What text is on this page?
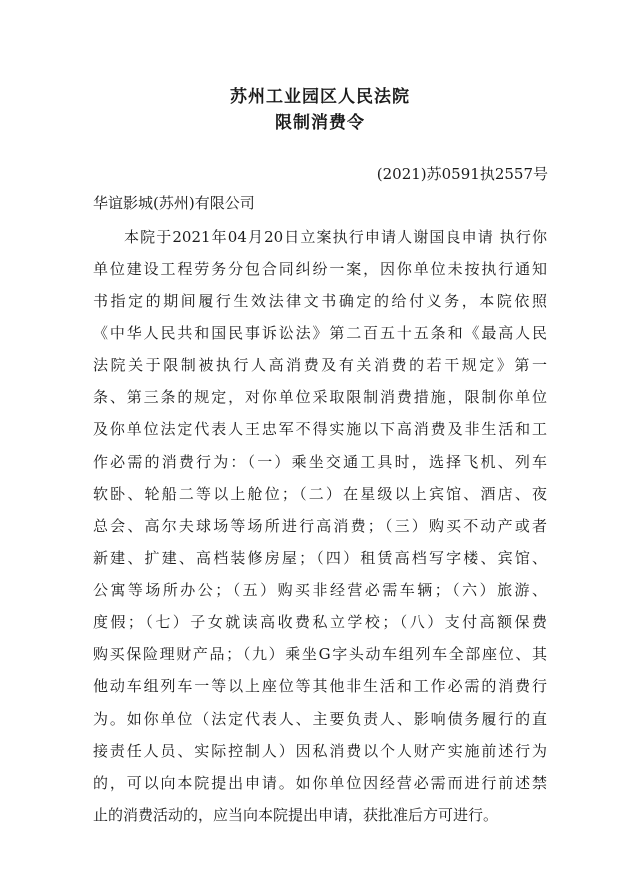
苏州工业园区人民法院
限制消费令
(2021)苏0591执2557号
华谊影城(苏州)有限公司
本院于2021年04月20日立案执行申请人谢国良申请 执行你
单位建设工程劳务分包合同纠纷一案，因你单位未按执行通知
书指定的期间履行生效法律文书确定的给付义务，本院依照
《中华人民共和国民事诉讼法》第二百五十五条和《最高人民
法院关于限制被执行人高消费及有关消费的若干规定》第一
条、第三条的规定，对你单位采取限制消费措施，限制你单位
及你单位法定代表人王忠军不得实施以下高消费及非生活和工
作必需的消费行为：（一）乘坐交通工具时，选择飞机、列车
软卧、轮船二等以上舱位；（二）在星级以上宾馆、酒店、夜
总会、高尔夫球场等场所进行高消费；（三）购买不动产或者
新建、扩建、高档装修房屋；（四）租赁高档写字楼、宾馆、
公寓等场所办公；（五）购买非经营必需车辆；（六）旅游、
度假；（七）子女就读高收费私立学校；（八）支付高额保费
购买保险理财产品；（九）乘坐G字头动车组列车全部座位、其
他动车组列车一等以上座位等其他非生活和工作必需的消费行
为。如你单位（法定代表人、主要负责人、影响债务履行的直
接责任人员、实际控制人）因私消费以个人财产实施前述行为
的，可以向本院提出申请。如你单位因经营必需而进行前述禁
止的消费活动的，应当向本院提出申请，获批准后方可进行。
